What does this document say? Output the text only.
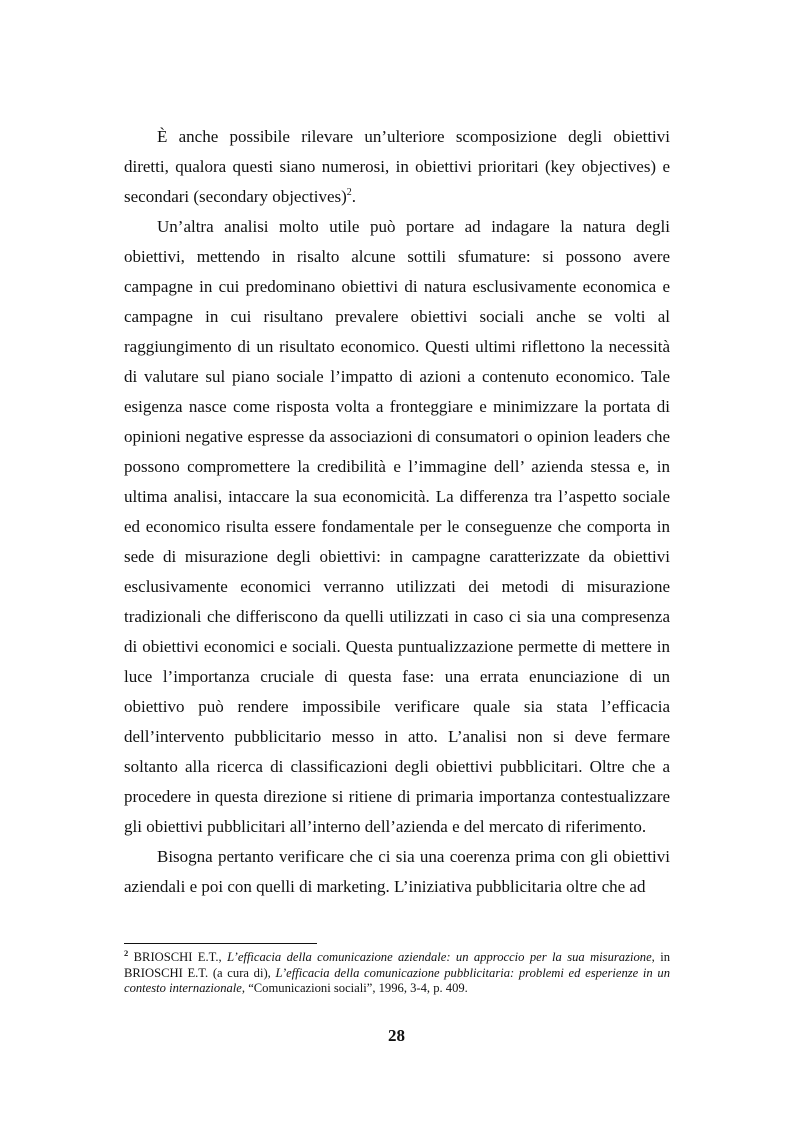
È anche possibile rilevare un’ulteriore scomposizione degli obiettivi diretti, qualora questi siano numerosi, in obiettivi prioritari (key objectives) e secondari (secondary objectives)$^2$.

Un’altra analisi molto utile può portare ad indagare la natura degli obiettivi, mettendo in risalto alcune sottili sfumature: si possono avere campagne in cui predominano obiettivi di natura esclusivamente economica e campagne in cui risultano prevalere obiettivi sociali anche se volti al raggiungimento di un risultato economico. Questi ultimi riflettono la necessità di valutare sul piano sociale l’impatto di azioni a contenuto economico. Tale esigenza nasce come risposta volta a fronteggiare e minimizzare la portata di opinioni negative espresse da associazioni di consumatori o opinion leaders che possono compromettere la credibilità e l’immagine dell’ azienda stessa e, in ultima analisi, intaccare la sua economicità. La differenza tra l’aspetto sociale ed economico risulta essere fondamentale per le conseguenze che comporta in sede di misurazione degli obiettivi: in campagne caratterizzate da obiettivi esclusivamente economici verranno utilizzati dei metodi di misurazione tradizionali che differiscono da quelli utilizzati in caso ci sia una compresenza di obiettivi economici e sociali. Questa puntualizzazione permette di mettere in luce l’importanza cruciale di questa fase: una errata enunciazione di un obiettivo può rendere impossibile verificare quale sia stata l’efficacia dell’intervento pubblicitario messo in atto. L’analisi non si deve fermare soltanto alla ricerca di classificazioni degli obiettivi pubblicitari. Oltre che a procedere in questa direzione si ritiene di primaria importanza contestualizzare gli obiettivi pubblicitari all’interno dell’azienda e del mercato di riferimento.

Bisogna pertanto verificare che ci sia una coerenza prima con gli obiettivi aziendali e poi con quelli di marketing. L’iniziativa pubblicitaria oltre che ad

$^2$ BRIOSCHI E.T., L’efficacia della comunicazione aziendale: un approccio per la sua misurazione, in BRIOSCHI E.T. (a cura di), L’efficacia della comunicazione pubblicitaria: problemi ed esperienze in un contesto internazionale, “Comunicazioni sociali”, 1996, 3-4, p. 409.

28
